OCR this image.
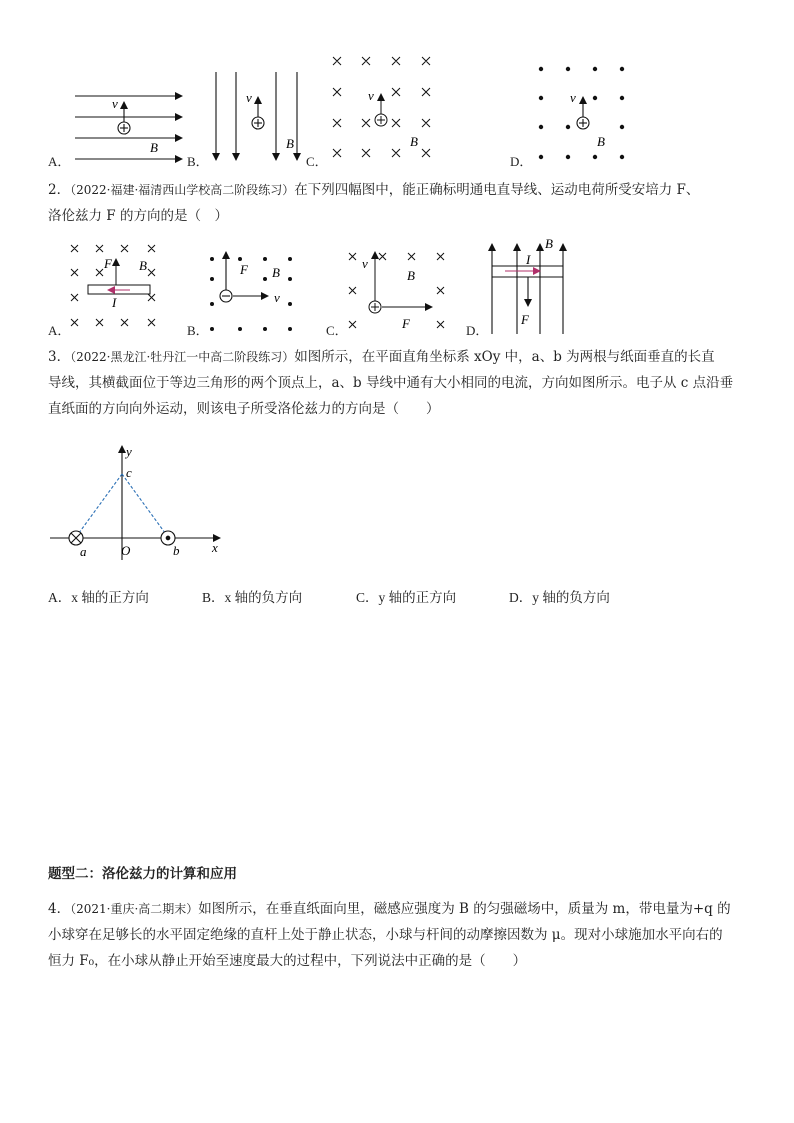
v
B
v
B
v
B
v
B
A．	B．	C．	D．
2．（2022·福建·福清西山学校高二阶段练习）在下列四幅图中，能正确标明通电直导线、运动电荷所受安培力 F、
洛伦兹力 F 的方向的是（　）
F B
I
F B
v
v
B
F
B
I
F
A．	B．	C．	D．
3．（2022·黑龙江·牡丹江一中高二阶段练习）如图所示，在平面直角坐标系 xOy 中，a、b 为两根与纸面垂直的长直
导线，其横截面位于等边三角形的两个顶点上，a、b 导线中通有大小相同的电流，方向如图所示。电子从 c 点沿垂
直纸面的方向向外运动，则该电子所受洛伦兹力的方向是（　　）
y
c
x
a	O	b
A．x 轴的正方向	B．x 轴的负方向	C．y 轴的正方向	D．y 轴的负方向
题型二：洛伦兹力的计算和应用
4．（2021·重庆·高二期末）如图所示，在垂直纸面向里，磁感应强度为 B 的匀强磁场中，质量为 m，带电量为+q 的
小球穿在足够长的水平固定绝缘的直杆上处于静止状态，小球与杆间的动摩擦因数为 μ。现对小球施加水平向右的
恒力 F₀，在小球从静止开始至速度最大的过程中，下列说法中正确的是（　　）
